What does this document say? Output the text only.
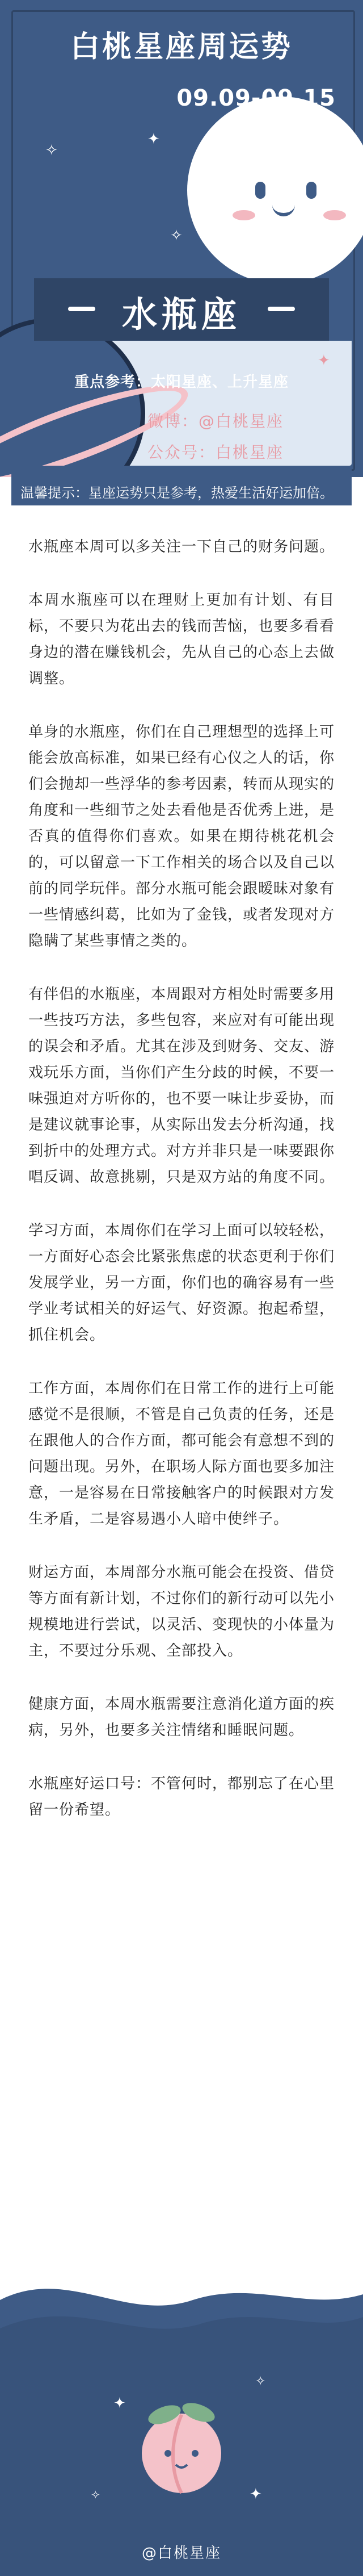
✦
✧
✦
✧
白桃星座周运势
09.09-09.15
水瓶座
重点参考：太阳星座、上升星座
微博：@白桃星座
公众号：白桃星座
温馨提示：星座运势只是参考，热爱生活好运加倍。

水瓶座本周可以多关注一下自己的财务问题。

本周水瓶座可以在理财上更加有计划、有目标，不要只为花出去的钱而苦恼，也要多看看身边的潜在赚钱机会，先从自己的心态上去做调整。

单身的水瓶座，你们在自己理想型的选择上可能会放高标准，如果已经有心仪之人的话，你们会抛却一些浮华的参考因素，转而从现实的角度和一些细节之处去看他是否优秀上进，是否真的值得你们喜欢。如果在期待桃花机会的，可以留意一下工作相关的场合以及自己以前的同学玩伴。部分水瓶可能会跟暧昧对象有一些情感纠葛，比如为了金钱，或者发现对方隐瞒了某些事情之类的。

有伴侣的水瓶座，本周跟对方相处时需要多用一些技巧方法，多些包容，来应对有可能出现的误会和矛盾。尤其在涉及到财务、交友、游戏玩乐方面，当你们产生分歧的时候，不要一味强迫对方听你的，也不要一味让步妥协，而是建议就事论事，从实际出发去分析沟通，找到折中的处理方式。对方并非只是一味要跟你唱反调、故意挑剔，只是双方站的角度不同。

学习方面，本周你们在学习上面可以较轻松，一方面好心态会比紧张焦虑的状态更利于你们发展学业，另一方面，你们也的确容易有一些学业考试相关的好运气、好资源。抱起希望，抓住机会。

工作方面，本周你们在日常工作的进行上可能感觉不是很顺，不管是自己负责的任务，还是在跟他人的合作方面，都可能会有意想不到的问题出现。另外，在职场人际方面也要多加注意，一是容易在日常接触客户的时候跟对方发生矛盾，二是容易遇小人暗中使绊子。

财运方面，本周部分水瓶可能会在投资、借贷等方面有新计划，不过你们的新行动可以先小规模地进行尝试，以灵活、变现快的小体量为主，不要过分乐观、全部投入。

健康方面，本周水瓶需要注意消化道方面的疾病，另外，也要多关注情绪和睡眠问题。

水瓶座好运口号：不管何时，都别忘了在心里留一份希望。

✦
✧
✦
✧
@白桃星座
